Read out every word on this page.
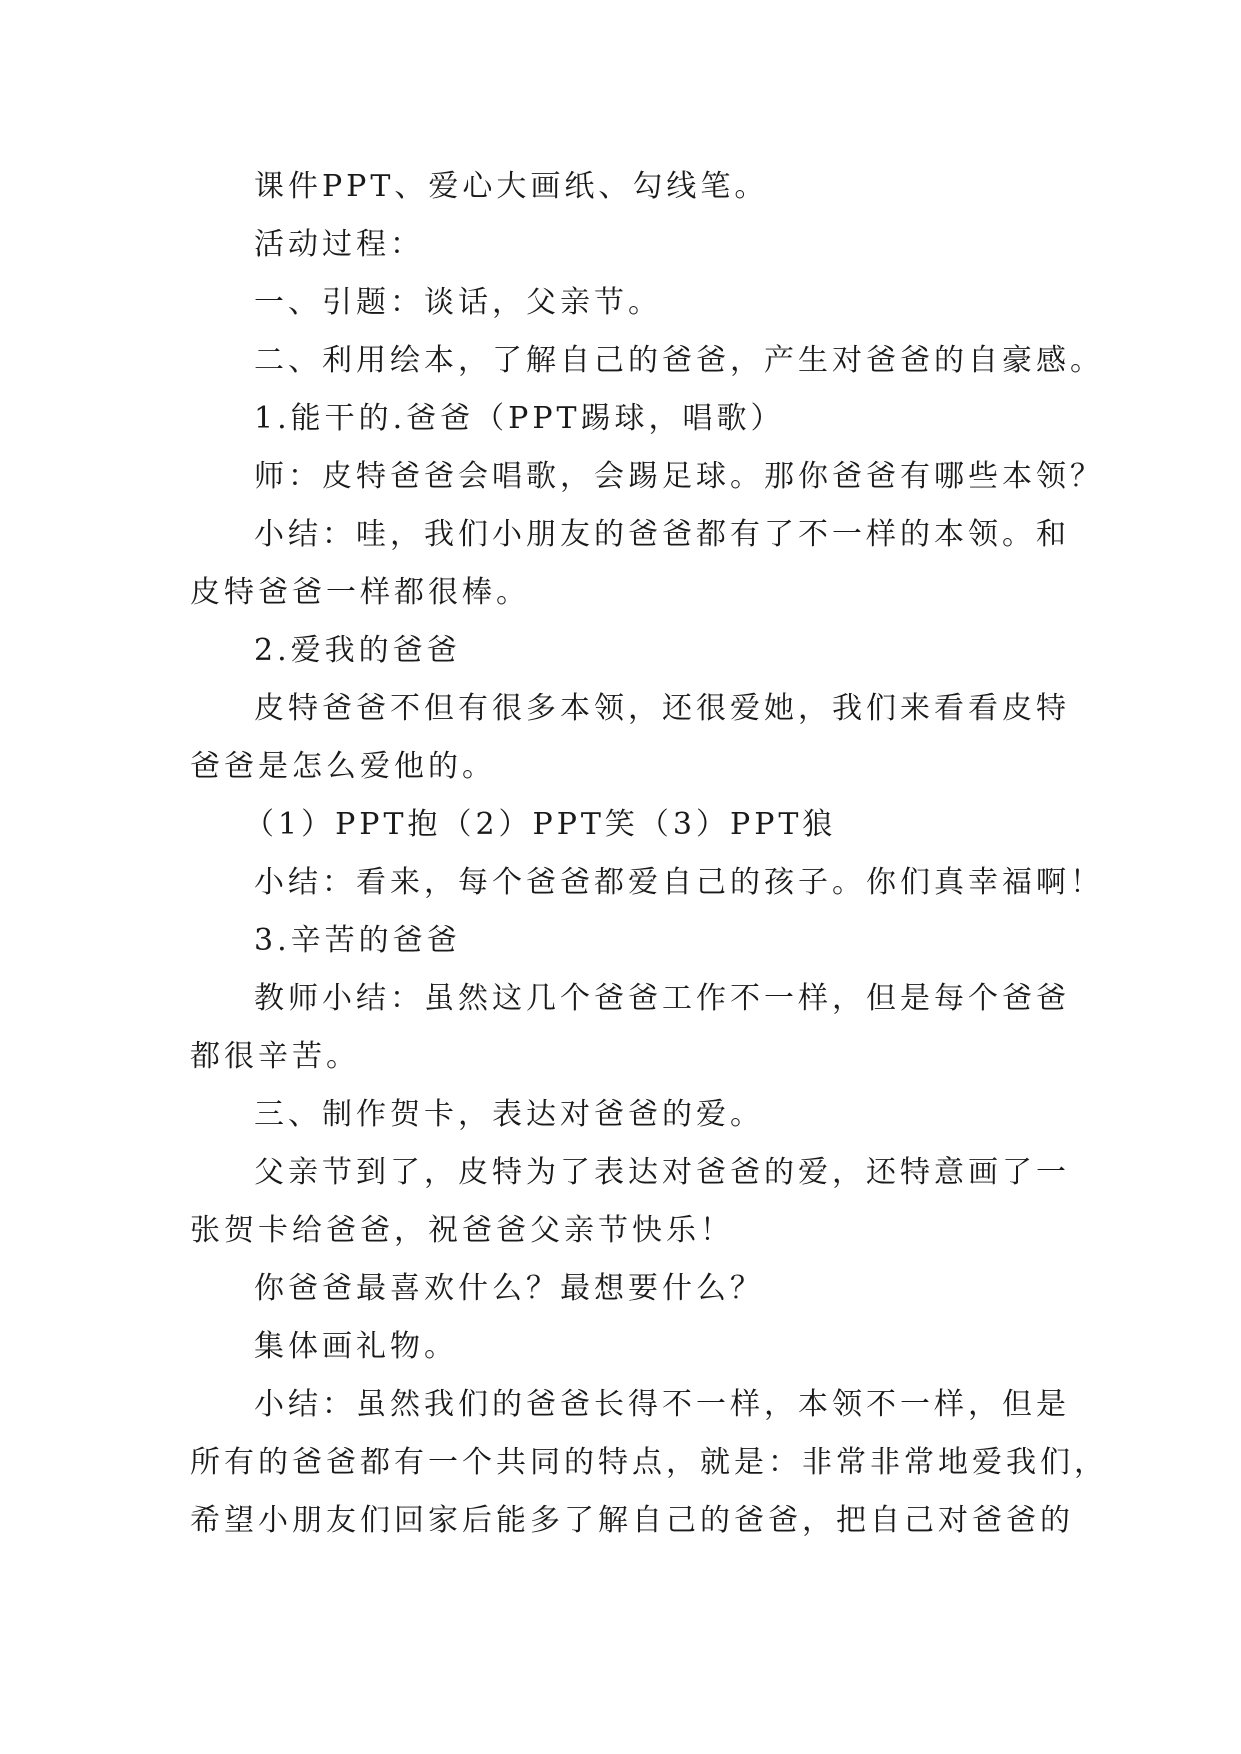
课件PPT、爱心大画纸、勾线笔。
活动过程：
一、引题：谈话，父亲节。
二、利用绘本，了解自己的爸爸，产生对爸爸的自豪感。
1.能干的.爸爸（PPT踢球，唱歌）
师：皮特爸爸会唱歌，会踢足球。那你爸爸有哪些本领？
小结：哇，我们小朋友的爸爸都有了不一样的本领。和
皮特爸爸一样都很棒。
2.爱我的爸爸
皮特爸爸不但有很多本领，还很爱她，我们来看看皮特
爸爸是怎么爱他的。
（1）PPT抱（2）PPT笑（3）PPT狼
小结：看来，每个爸爸都爱自己的孩子。你们真幸福啊！
3.辛苦的爸爸
教师小结：虽然这几个爸爸工作不一样，但是每个爸爸
都很辛苦。
三、制作贺卡，表达对爸爸的爱。
父亲节到了，皮特为了表达对爸爸的爱，还特意画了一
张贺卡给爸爸，祝爸爸父亲节快乐！
你爸爸最喜欢什么？最想要什么？
集体画礼物。
小结：虽然我们的爸爸长得不一样，本领不一样，但是
所有的爸爸都有一个共同的特点，就是：非常非常地爱我们，
希望小朋友们回家后能多了解自己的爸爸，把自己对爸爸的
